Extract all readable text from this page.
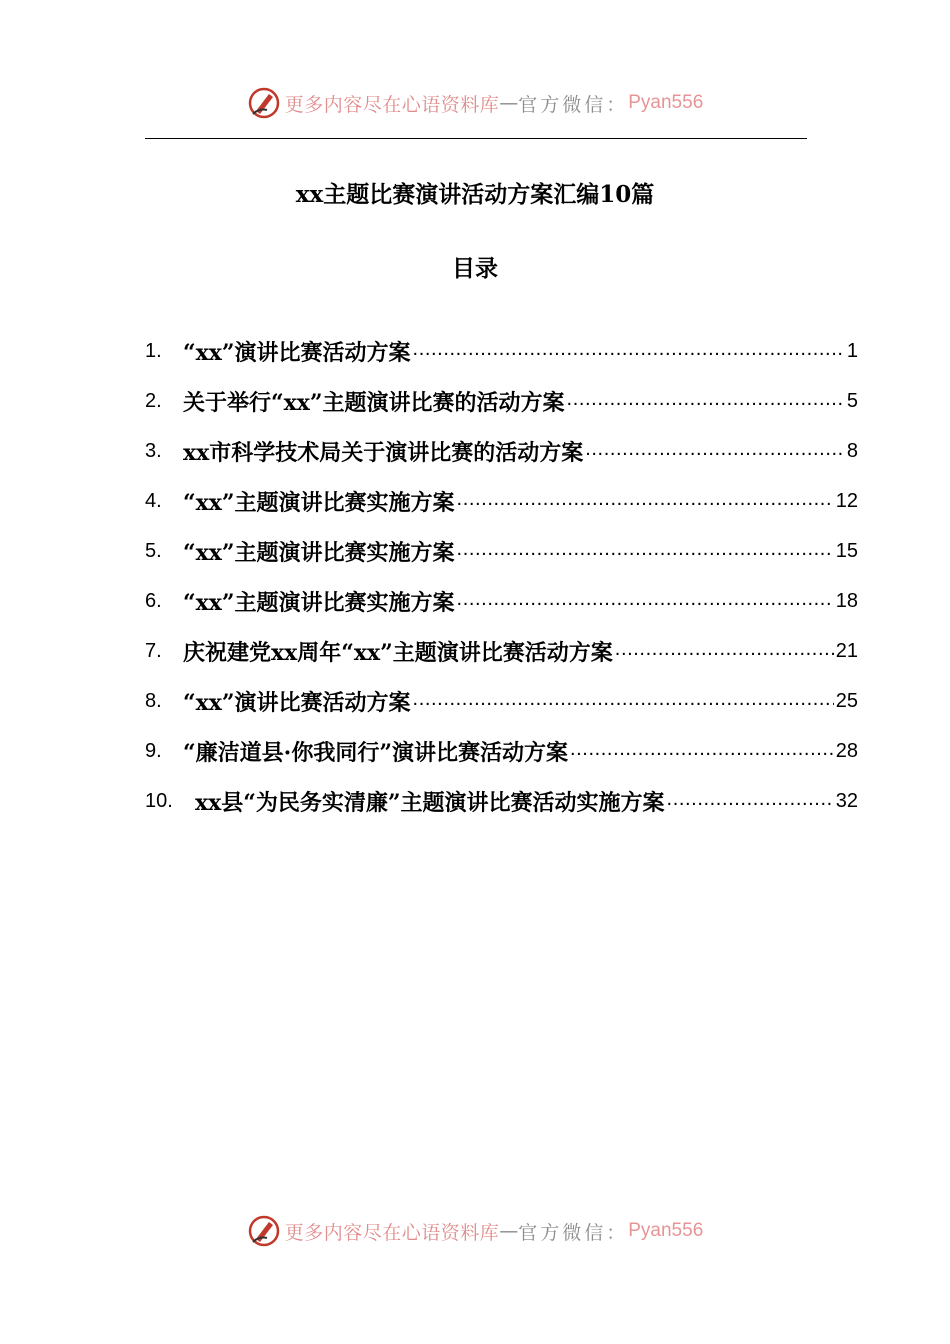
更多内容尽在心语资料库 — 官方微信： Pyan556
xx主题比赛演讲活动方案汇编10篇
目录
1. “xx”演讲比赛活动方案 .....	1
2. 关于举行“xx”主题演讲比赛的活动方案 .....	5
3. xx市科学技术局关于演讲比赛的活动方案 .....	8
4. “xx”主题演讲比赛实施方案 .....	12
5. “xx”主题演讲比赛实施方案 .....	15
6. “xx”主题演讲比赛实施方案 .....	18
7. 庆祝建党xx周年“xx”主题演讲比赛活动方案 .....	21
8. “xx”演讲比赛活动方案 .....	25
9. “廉洁道县·你我同行”演讲比赛活动方案 .....	28
10.	xx县“为民务实清廉”主题演讲比赛活动实施方案 .....	32
更多内容尽在心语资料库 — 官方微信： Pyan556
